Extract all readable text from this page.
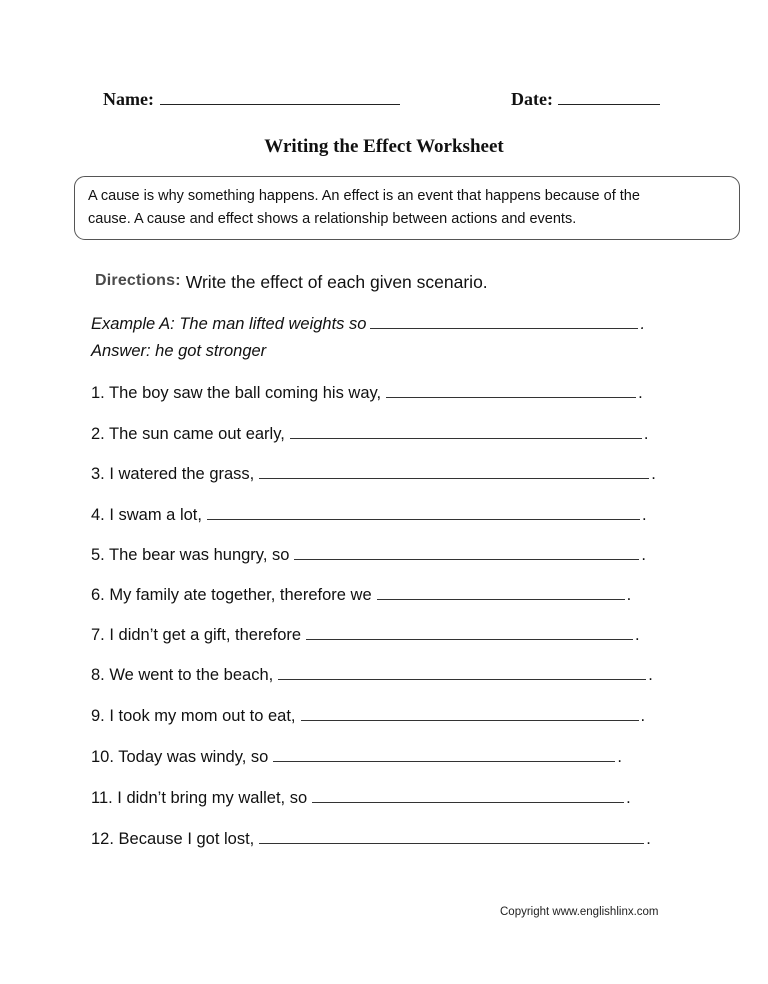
Name:	Date:
Writing the Effect Worksheet
A cause is why something happens. An effect is an event that happens because of the
cause. A cause and effect shows a relationship between actions and events.
Directions: Write the effect of each given scenario.
Example A: The man lifted weights so	.
Answer: he got stronger
1. The boy saw the ball coming his way,	.
2. The sun came out early,	.
3. I watered the grass,	.
4. I swam a lot,	.
5. The bear was hungry, so	.
6. My family ate together, therefore we	.
7. I didn’t get a gift, therefore	.
8. We went to the beach,	.
9. I took my mom out to eat,	.
10. Today was windy, so	.
11. I didn’t bring my wallet, so	.
12. Because I got lost,	.
Copyright www.englishlinx.com
